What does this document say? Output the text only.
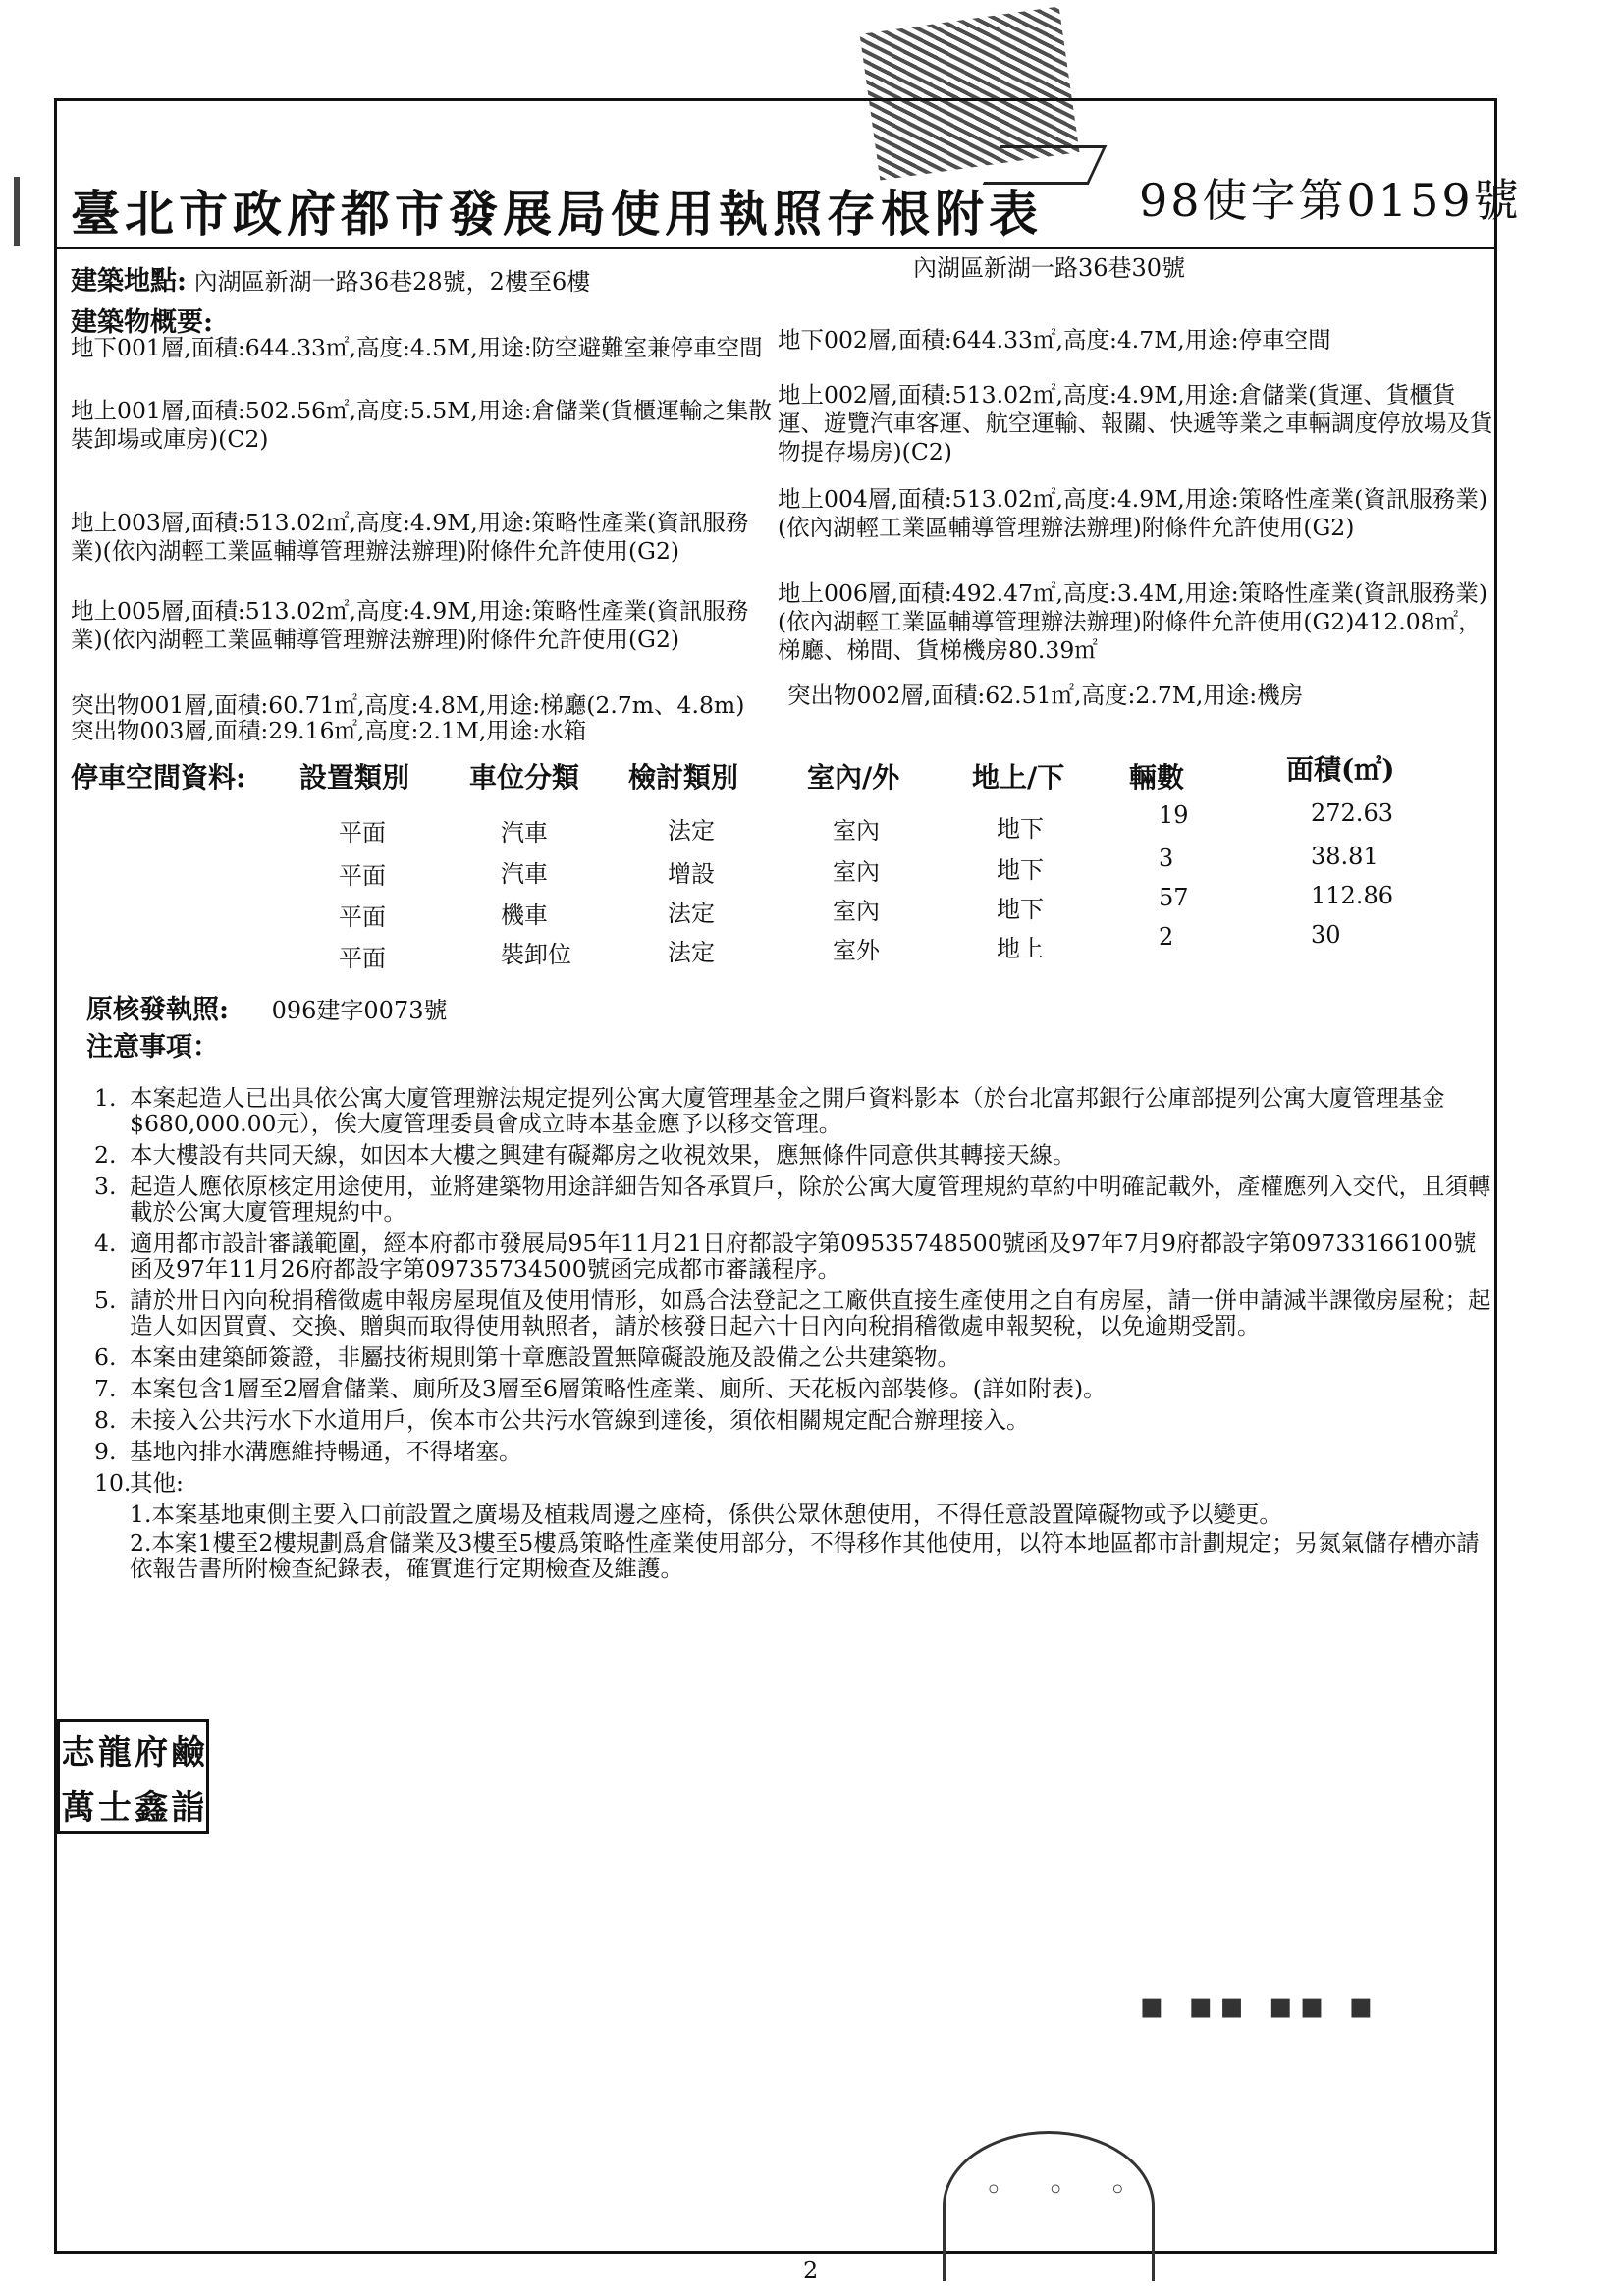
臺北市政府都市發展局使用執照存根附表 98使字第0159號
建築地點: 內湖區新湖一路36巷28號，2樓至6樓	內湖區新湖一路36巷30號
建築物概要:
地下001層,面積:644.33㎡,高度:4.5M,用途:防空避難室兼停車空間
地上001層,面積:502.56㎡,高度:5.5M,用途:倉儲業(貨櫃運輸之集散裝卸場或庫房)(C2)
地上003層,面積:513.02㎡,高度:4.9M,用途:策略性產業(資訊服務業)(依內湖輕工業區輔導管理辦法辦理)附條件允許使用(G2)
地上005層,面積:513.02㎡,高度:4.9M,用途:策略性產業(資訊服務業)(依內湖輕工業區輔導管理辦法辦理)附條件允許使用(G2)
突出物001層,面積:60.71㎡,高度:4.8M,用途:梯廳(2.7m、4.8m)
突出物003層,面積:29.16㎡,高度:2.1M,用途:水箱
地下002層,面積:644.33㎡,高度:4.7M,用途:停車空間
地上002層,面積:513.02㎡,高度:4.9M,用途:倉儲業(貨運、貨櫃貨運、遊覽汽車客運、航空運輸、報關、快遞等業之車輛調度停放場及貨物提存場房)(C2)
地上004層,面積:513.02㎡,高度:4.9M,用途:策略性產業(資訊服務業)(依內湖輕工業區輔導管理辦法辦理)附條件允許使用(G2)
地上006層,面積:492.47㎡,高度:3.4M,用途:策略性產業(資訊服務業)(依內湖輕工業區輔導管理辦法辦理)附條件允許使用(G2)412.08㎡，梯廳、梯間、貨梯機房80.39㎡
突出物002層,面積:62.51㎡,高度:2.7M,用途:機房
停車空間資料: 設置類別 車位分類 檢討類別 室內/外	地上/下 輛數	面積(㎡)
平面	汽車	法定	室內	地下	19	272.63
平面	汽車	增設	室內	地下	3	38.81
平面	機車	法定	室內	地下	57	112.86
平面	裝卸位	法定	室外	地上	2	30
原核發執照: 096建字0073號
注意事項：
1. 本案起造人已出具依公寓大廈管理辦法規定提列公寓大廈管理基金之開戶資料影本（於台北富邦銀行公庫部提列公寓大廈管理基金$680,000.00元），俟大廈管理委員會成立時本基金應予以移交管理。
2. 本大樓設有共同天線，如因本大樓之興建有礙鄰房之收視效果，應無條件同意供其轉接天線。
3. 起造人應依原核定用途使用，並將建築物用途詳細告知各承買戶，除於公寓大廈管理規約草約中明確記載外，產權應列入交代，且須轉載於公寓大廈管理規約中。
4. 適用都市設計審議範圍，經本府都市發展局95年11月21日府都設字第09535748500號函及97年7月9府都設字第09733166100號函及97年11月26府都設字第09735734500號函完成都市審議程序。
5. 請於卅日內向稅捐稽徵處申報房屋現值及使用情形，如爲合法登記之工廠供直接生產使用之自有房屋，請一併申請減半課徵房屋稅；起造人如因買賣、交換、贈與而取得使用執照者，請於核發日起六十日內向稅捐稽徵處申報契稅，以免逾期受罰。
6. 本案由建築師簽證，非屬技術規則第十章應設置無障礙設施及設備之公共建築物。
7. 本案包含1層至2層倉儲業、廁所及3層至6層策略性產業、廁所、天花板內部裝修。(詳如附表)。
8. 未接入公共污水下水道用戶，俟本市公共污水管線到達後，須依相關規定配合辦理接入。
9. 基地內排水溝應維持暢通，不得堵塞。
10.
其他:
1.本案基地東側主要入口前設置之廣場及植栽周邊之座椅，係供公眾休憩使用，不得任意設置障礙物或予以變更。
2.本案1樓至2樓規劃爲倉儲業及3樓至5樓爲策略性產業使用部分，不得移作其他使用，以符本地區都市計劃規定；另氮氣儲存槽亦請依報告書所附檢查紀錄表，確實進行定期檢查及維護。
志 龍 府 鹼
萬 士 鑫 詣
▪︎ ▪︎▪︎ ▪︎▪︎ ▪︎
◦ ◦ ◦
2
